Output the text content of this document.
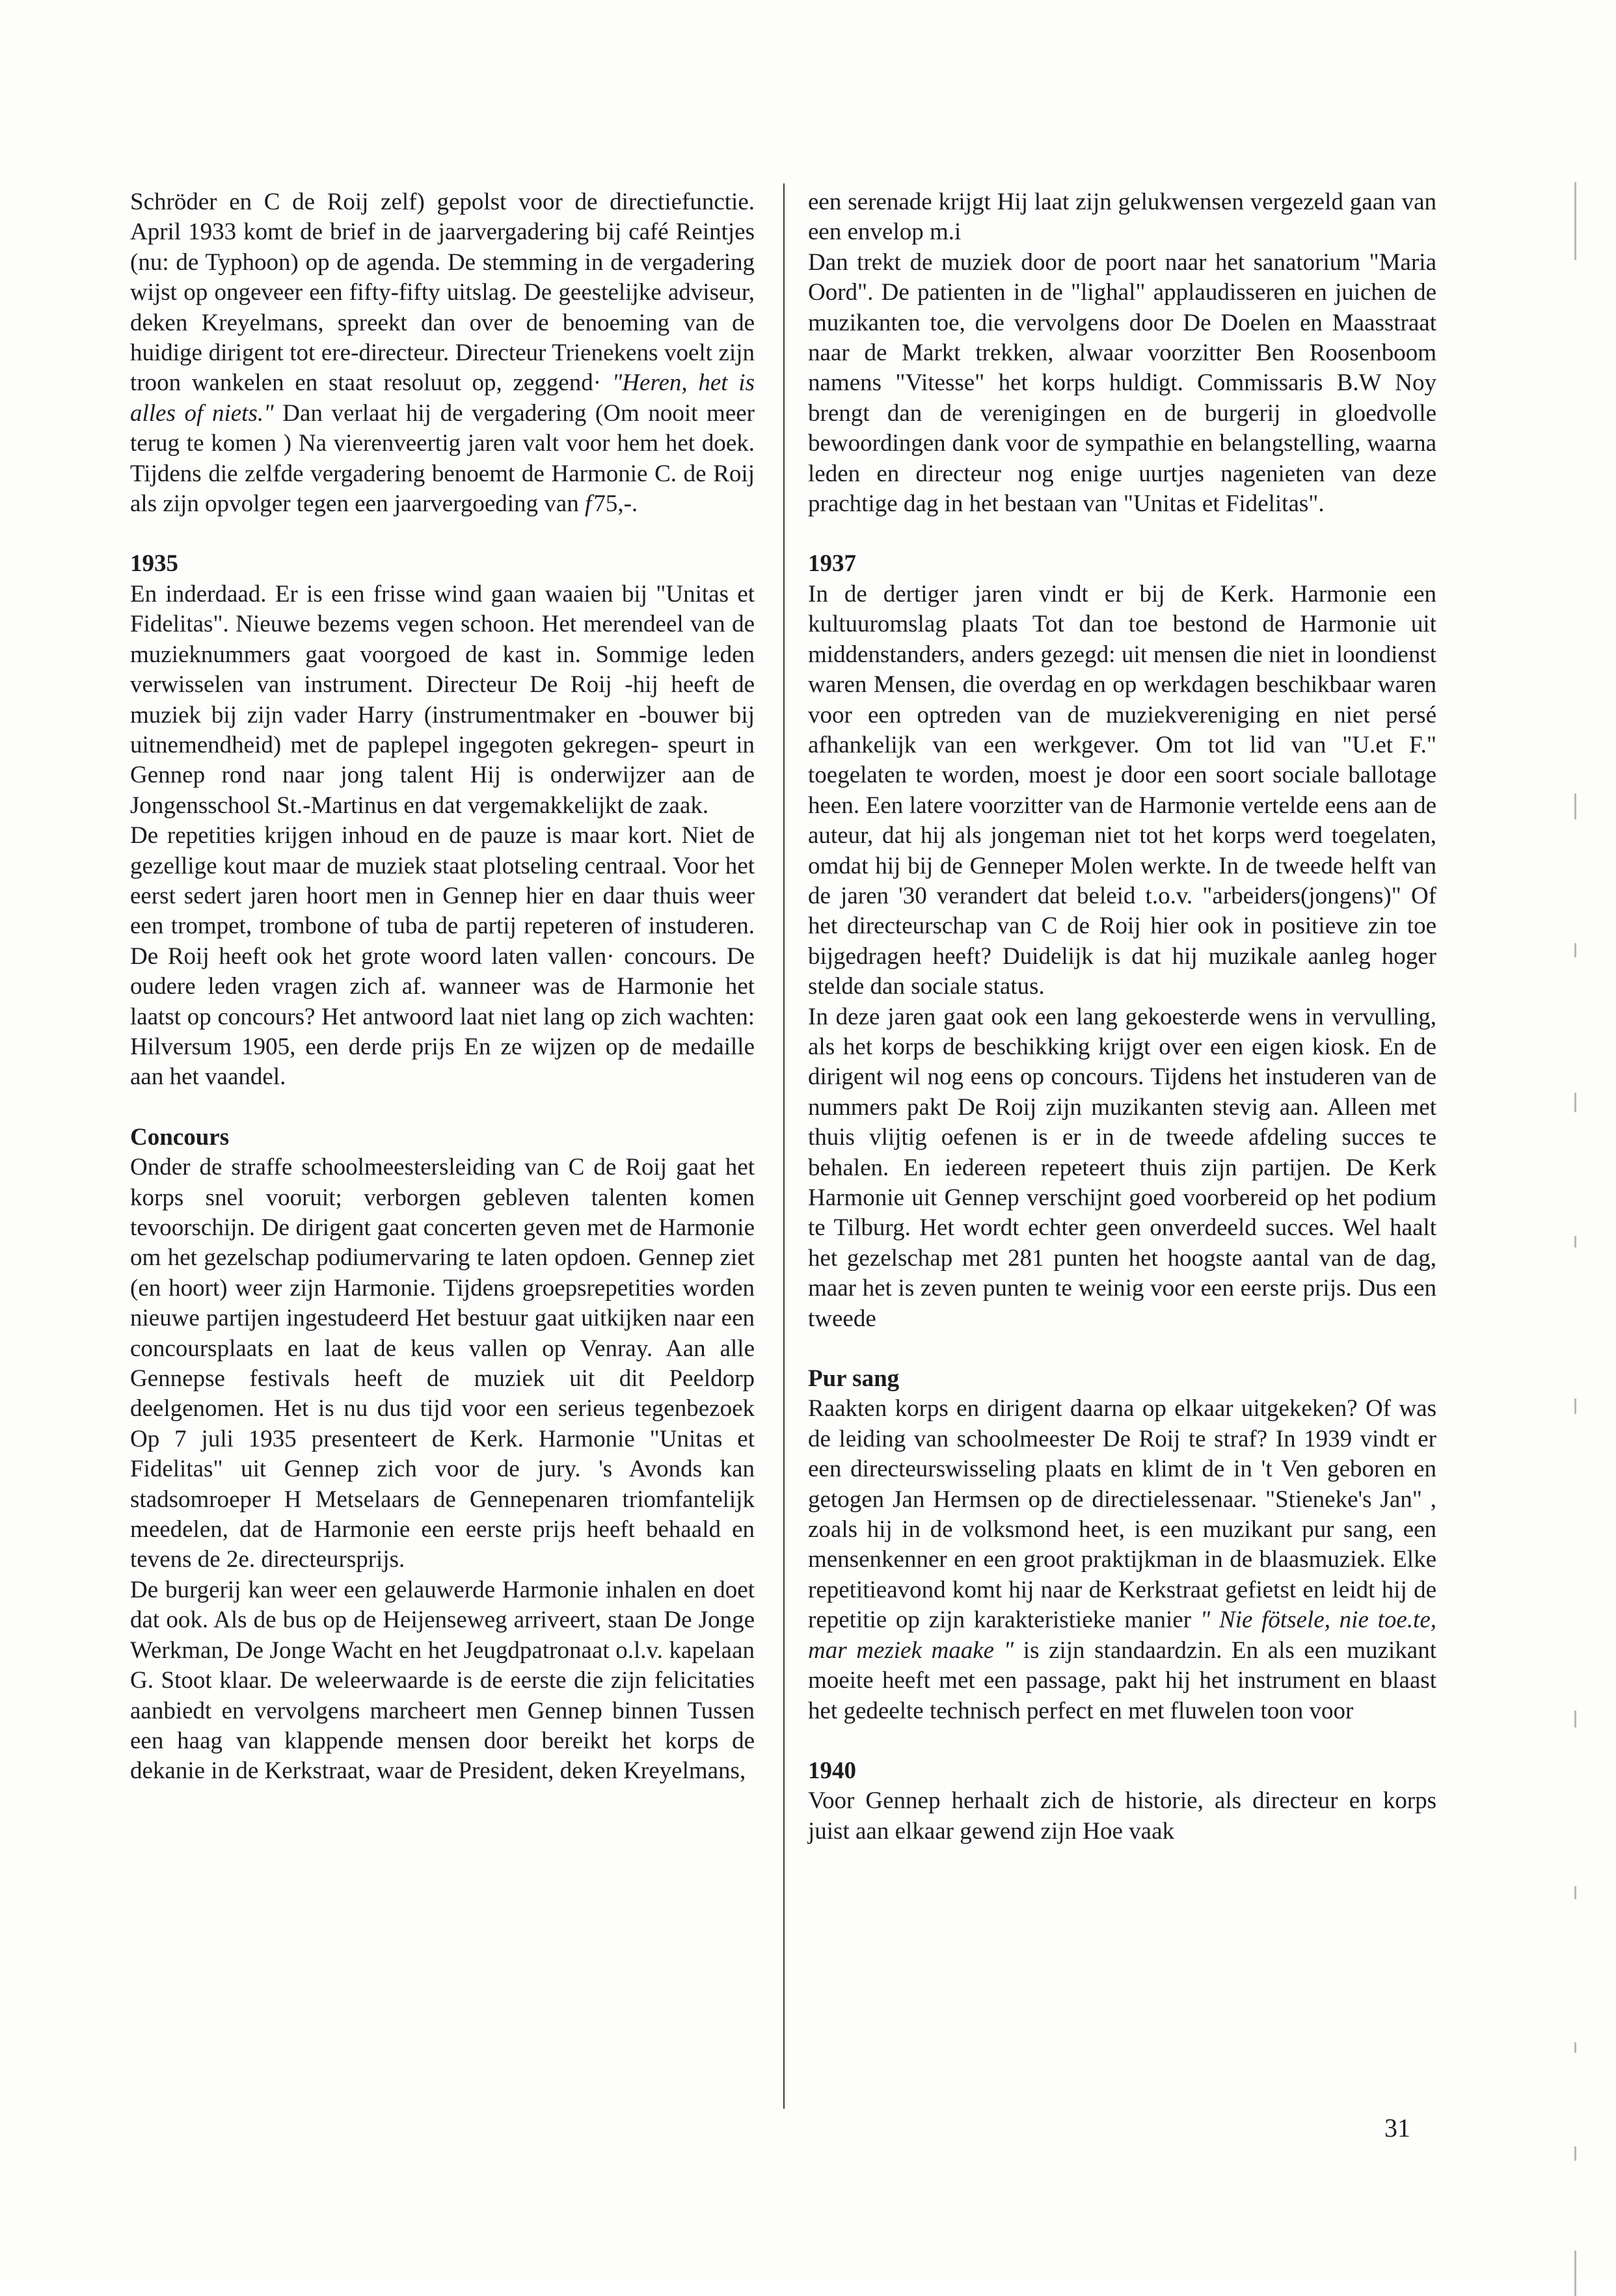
Schröder en C de Roij zelf) gepolst voor de directiefunctie. April 1933 komt de brief in de jaarvergadering bij café Reintjes (nu: de Typhoon) op de agenda. De stemming in de vergadering wijst op ongeveer een fifty-fifty uitslag. De geestelijke adviseur, deken Kreyelmans, spreekt dan over de benoeming van de huidige dirigent tot ere-directeur. Directeur Trienekens voelt zijn troon wankelen en staat resoluut op, zeggend· "Heren, het is alles of niets." Dan verlaat hij de vergadering (Om nooit meer terug te komen ) Na vierenveertig jaren valt voor hem het doek. Tijdens die zelfde vergadering benoemt de Harmonie C. de Roij als zijn opvolger tegen een jaarvergoeding van f 75,-.

1935

En inderdaad. Er is een frisse wind gaan waaien bij "Unitas et Fidelitas". Nieuwe bezems vegen schoon. Het merendeel van de muzieknummers gaat voorgoed de kast in. Sommige leden verwisselen van instrument. Directeur De Roij -hij heeft de muziek bij zijn vader Harry (instrumentmaker en -bouwer bij uitnemendheid) met de paplepel ingegoten gekregen- speurt in Gennep rond naar jong talent Hij is onderwijzer aan de Jongensschool St.-Martinus en dat vergemakkelijkt de zaak.

De repetities krijgen inhoud en de pauze is maar kort. Niet de gezellige kout maar de muziek staat plotseling centraal. Voor het eerst sedert jaren hoort men in Gennep hier en daar thuis weer een trompet, trombone of tuba de partij repeteren of instuderen. De Roij heeft ook het grote woord laten vallen· concours. De oudere leden vragen zich af. wanneer was de Harmonie het laatst op concours? Het antwoord laat niet lang op zich wachten: Hilversum 1905, een derde prijs En ze wijzen op de medaille aan het vaandel.

Concours

Onder de straffe schoolmeestersleiding van C de Roij gaat het korps snel vooruit; verborgen gebleven talenten komen tevoorschijn. De dirigent gaat concerten geven met de Harmonie om het gezelschap podiumervaring te laten opdoen. Gennep ziet (en hoort) weer zijn Harmonie. Tijdens groepsrepetities worden nieuwe partijen ingestudeerd Het bestuur gaat uitkijken naar een concoursplaats en laat de keus vallen op Venray. Aan alle Gennepse festivals heeft de muziek uit dit Peeldorp deelgenomen. Het is nu dus tijd voor een serieus tegenbezoek Op 7 juli 1935 presenteert de Kerk. Harmonie "Unitas et Fidelitas" uit Gennep zich voor de jury. 's Avonds kan stadsomroeper H Metselaars de Gennepenaren triomfantelijk meedelen, dat de Harmonie een eerste prijs heeft behaald en tevens de 2e. directeursprijs.

De burgerij kan weer een gelauwerde Harmonie inhalen en doet dat ook. Als de bus op de Heijenseweg arriveert, staan De Jonge Werkman, De Jonge Wacht en het Jeugdpatronaat o.l.v. kapelaan G. Stoot klaar. De weleerwaarde is de eerste die zijn felicitaties aanbiedt en vervolgens marcheert men Gennep binnen Tussen een haag van klappende mensen door bereikt het korps de dekanie in de Kerkstraat, waar de President, deken Kreyelmans,

een serenade krijgt Hij laat zijn gelukwensen vergezeld gaan van een envelop m.i

Dan trekt de muziek door de poort naar het sanatorium "Maria Oord". De patienten in de "lighal" applaudisseren en juichen de muzikanten toe, die vervolgens door De Doelen en Maasstraat naar de Markt trekken, alwaar voorzitter Ben Roosenboom namens "Vitesse" het korps huldigt. Commissaris B.W Noy brengt dan de verenigingen en de burgerij in gloedvolle bewoordingen dank voor de sympathie en belangstelling, waarna leden en directeur nog enige uurtjes nagenieten van deze prachtige dag in het bestaan van "Unitas et Fidelitas".

1937

In de dertiger jaren vindt er bij de Kerk. Harmonie een kultuuromslag plaats Tot dan toe bestond de Harmonie uit middenstanders, anders gezegd: uit mensen die niet in loondienst waren Mensen, die overdag en op werkdagen beschikbaar waren voor een optreden van de muziekvereniging en niet persé afhankelijk van een werkgever. Om tot lid van "U.et F." toegelaten te worden, moest je door een soort sociale ballotage heen. Een latere voorzitter van de Harmonie vertelde eens aan de auteur, dat hij als jongeman niet tot het korps werd toegelaten, omdat hij bij de Genneper Molen werkte. In de tweede helft van de jaren '30 verandert dat beleid t.o.v. "arbeiders(jongens)" Of het directeurschap van C de Roij hier ook in positieve zin toe bijgedragen heeft? Duidelijk is dat hij muzikale aanleg hoger stelde dan sociale status.

In deze jaren gaat ook een lang gekoesterde wens in vervulling, als het korps de beschikking krijgt over een eigen kiosk. En de dirigent wil nog eens op concours. Tijdens het instuderen van de nummers pakt De Roij zijn muzikanten stevig aan. Alleen met thuis vlijtig oefenen is er in de tweede afdeling succes te behalen. En iedereen repeteert thuis zijn partijen. De Kerk Harmonie uit Gennep verschijnt goed voorbereid op het podium te Tilburg. Het wordt echter geen onverdeeld succes. Wel haalt het gezelschap met 281 punten het hoogste aantal van de dag, maar het is zeven punten te weinig voor een eerste prijs. Dus een tweede

Pur sang

Raakten korps en dirigent daarna op elkaar uitgekeken? Of was de leiding van schoolmeester De Roij te straf? In 1939 vindt er een directeurswisseling plaats en klimt de in 't Ven geboren en getogen Jan Hermsen op de directielessenaar. "Stieneke's Jan" , zoals hij in de volksmond heet, is een muzikant pur sang, een mensenkenner en een groot praktijkman in de blaasmuziek. Elke repetitieavond komt hij naar de Kerkstraat gefietst en leidt hij de repetitie op zijn karakteristieke manier " Nie fötsele, nie toe.te, mar meziek maake " is zijn standaardzin. En als een muzikant moeite heeft met een passage, pakt hij het instrument en blaast het gedeelte technisch perfect en met fluwelen toon voor

1940

Voor Gennep herhaalt zich de historie, als directeur en korps juist aan elkaar gewend zijn Hoe vaak

31
